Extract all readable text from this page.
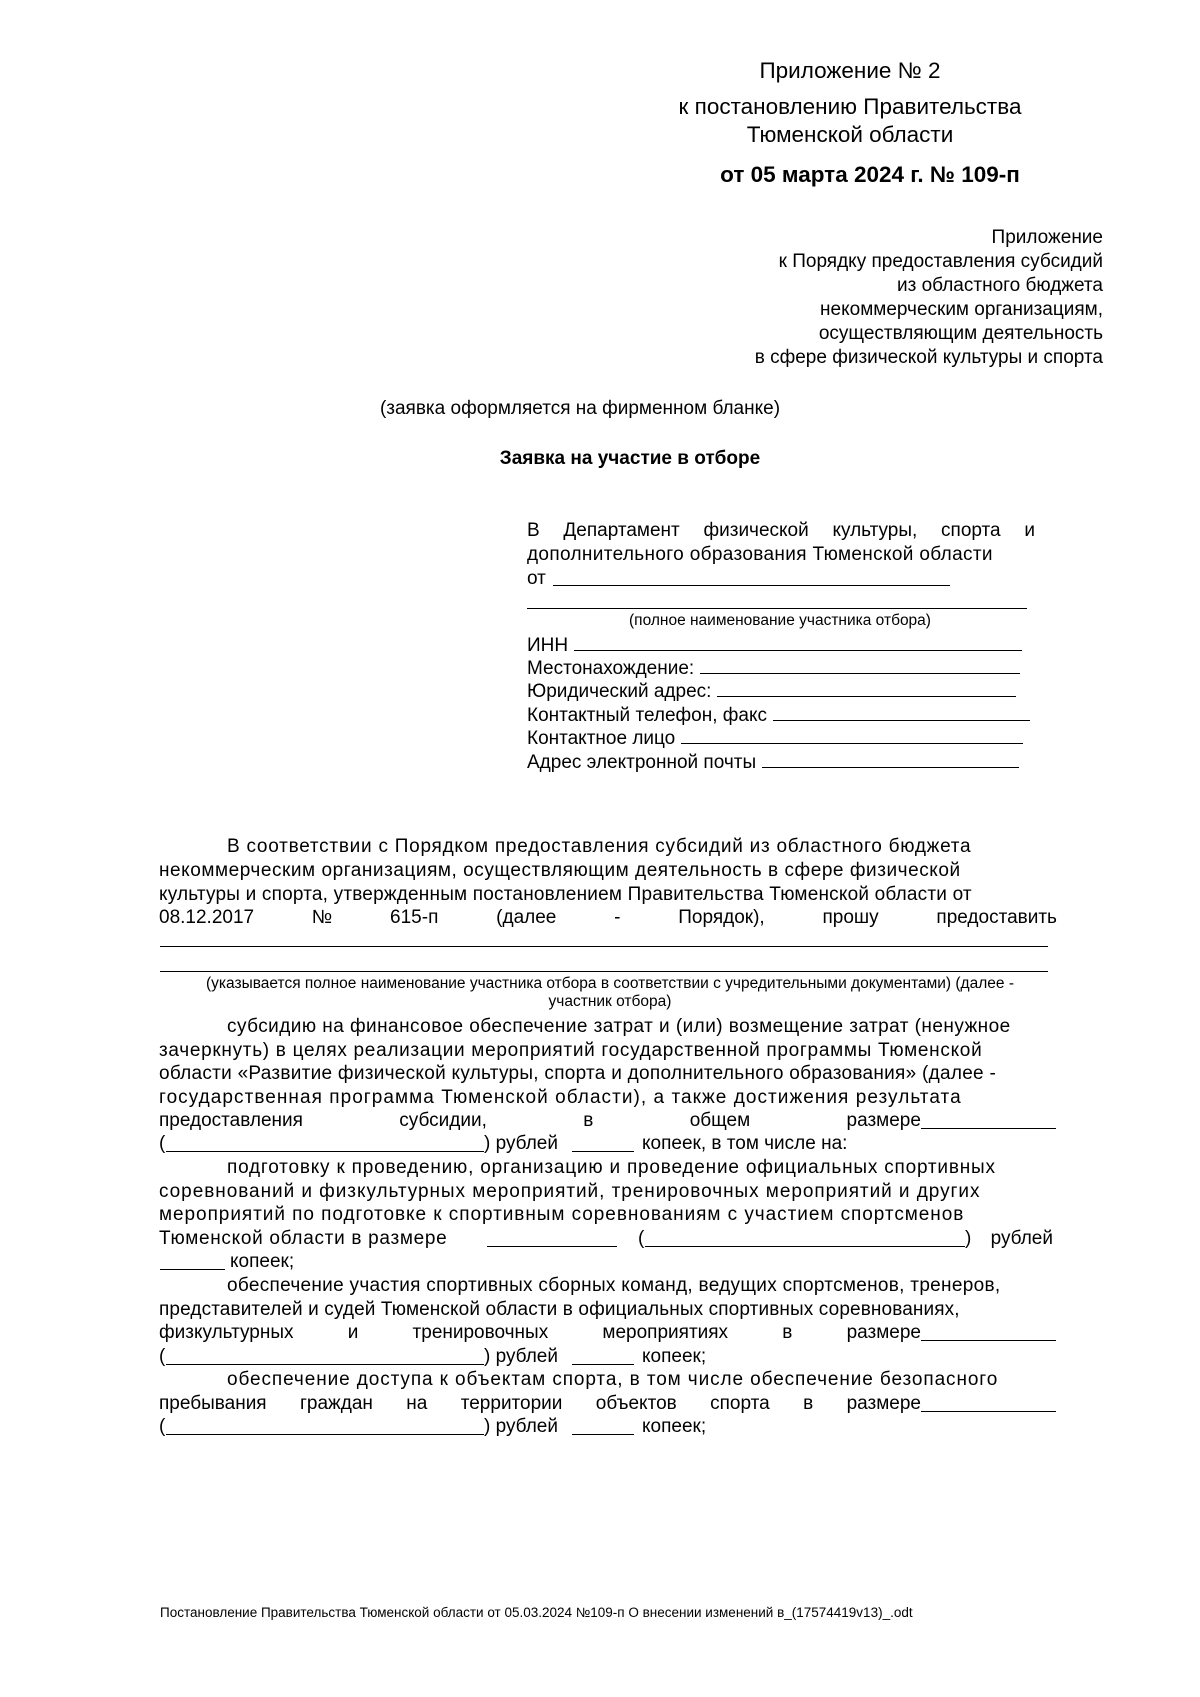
Приложение № 2
к постановлению Правительства
Тюменской области
от 05 марта 2024 г. № 109-п
Приложение
к Порядку предоставления субсидий
из областного бюджета
некоммерческим организациям,
осуществляющим деятельность
в сфере физической культуры и спорта
(заявка оформляется на фирменном бланке)
Заявка на участие в отборе
В Департамент физической культуры, спорта и
дополнительного образования Тюменской области
от
(полное наименование участника отбора)
ИНН
Местонахождение:
Юридический адрес:
Контактный телефон, факс
Контактное лицо
Адрес электронной почты
В соответствии с Порядком предоставления субсидий из областного бюджета
некоммерческим организациям, осуществляющим деятельность в сфере физической
культуры и спорта, утвержденным постановлением Правительства Тюменской области от
08.12.2017	№	615-п	(далее	-	Порядок),	прошу	предоставить
(указывается полное наименование участника отбора в соответствии с учредительными документами) (далее -
участник отбора)
субсидию на финансовое обеспечение затрат и (или) возмещение затрат (ненужное
зачеркнуть) в целях реализации мероприятий государственной программы Тюменской
области «Развитие физической культуры, спорта и дополнительного образования» (далее -
государственная программа Тюменской области), а также достижения результата
предоставления	субсидии,	в	общем	размере
(	) рублей	копеек, в том числе на:
подготовку к проведению, организацию и проведение официальных спортивных
соревнований и физкультурных мероприятий, тренировочных мероприятий и других
мероприятий по подготовке к спортивным соревнованиям с участием спортсменов
Тюменской области в размере	(	) рублей
копеек;
обеспечение участия спортивных сборных команд, ведущих спортсменов, тренеров,
представителей и судей Тюменской области в официальных спортивных соревнованиях,
физкультурных	и	тренировочных	мероприятиях	в	размере
(	) рублей	копеек;
обеспечение доступа к объектам спорта, в том числе обеспечение безопасного
пребывания граждан на территории объектов спорта в размере
(	) рублей	копеек;
Постановление Правительства Тюменской области от 05.03.2024 №109-п О внесении изменений в_(17574419v13)_.odt
